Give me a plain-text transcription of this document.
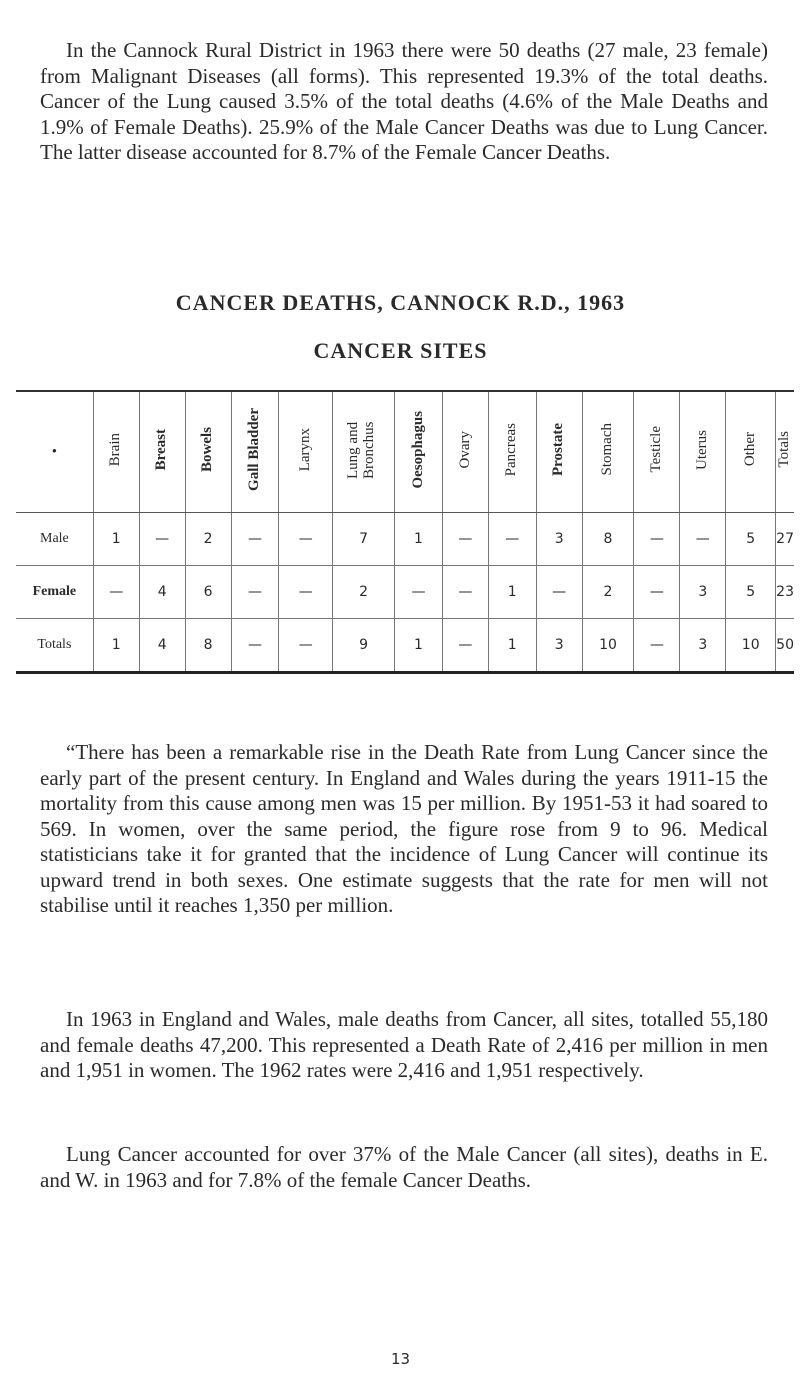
In the Cannock Rural District in 1963 there were 50 deaths (27 male, 23 female) from Malignant Diseases (all forms). This represented 19.3% of the total deaths. Cancer of the Lung caused 3.5% of the total deaths (4.6% of the Male Deaths and 1.9% of Female Deaths). 25.9% of the Male Cancer Deaths was due to Lung Cancer. The latter disease accounted for 8.7% of the Female Cancer Deaths.

CANCER DEATHS, CANNOCK R.D., 1963
CANCER SITES
•	Brain	Breast	Bowels	Gall Bladder	Larynx	Lung and Bronchus	Oesophagus	Ovary	Pancreas	Prostate	Stomach	Testicle	Uterus	Other	Totals
Male	1	—	2	—	—	7	1	—	—	3	8	—	—	5	27
Female	—	4	6	—	—	2	—	—	1	—	2	—	3	5	23
Totals	1	4	8	—	—	9	1	—	1	3	10	—	3	10	50

“There has been a remarkable rise in the Death Rate from Lung Cancer since the early part of the present century. In England and Wales during the years 1911-15 the mortality from this cause among men was 15 per million. By 1951-53 it had soared to 569. In women, over the same period, the figure rose from 9 to 96. Medical statisticians take it for granted that the incidence of Lung Cancer will continue its upward trend in both sexes. One estimate suggests that the rate for men will not stabilise until it reaches 1,350 per million.

In 1963 in England and Wales, male deaths from Cancer, all sites, totalled 55,180 and female deaths 47,200. This represented a Death Rate of 2,416 per million in men and 1,951 in women. The 1962 rates were 2,416 and 1,951 respectively.

Lung Cancer accounted for over 37% of the Male Cancer (all sites), deaths in E. and W. in 1963 and for 7.8% of the female Cancer Deaths.

13
